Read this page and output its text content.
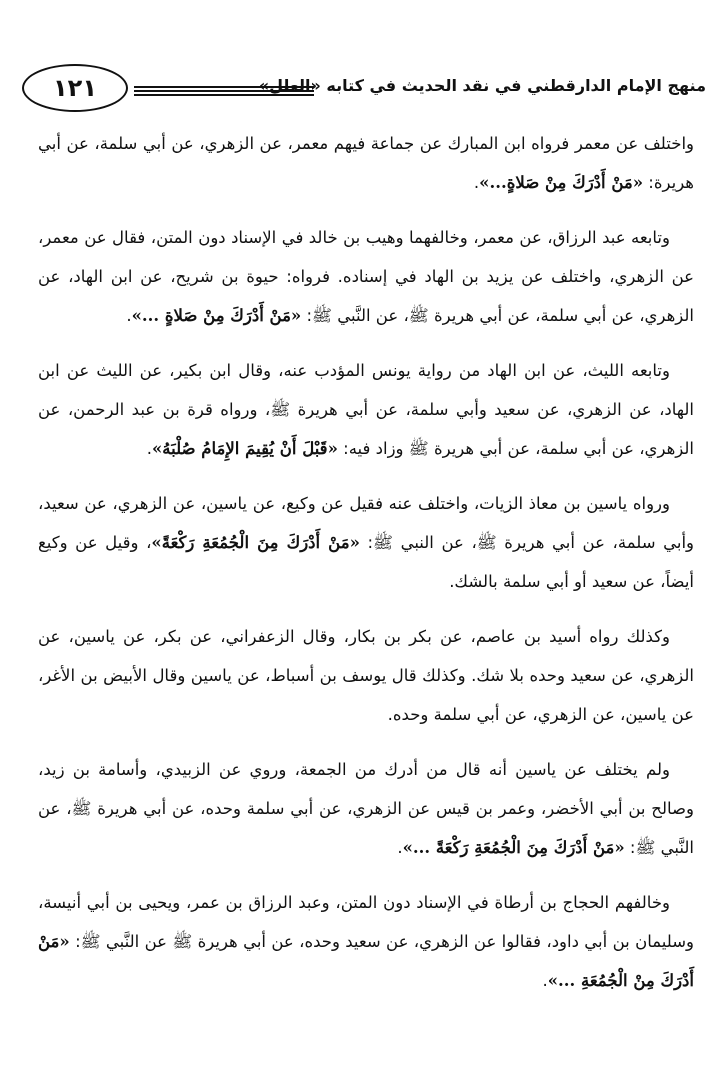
١٢١	منهج الإمام الدارقطني في نقد الحديث في كتابه «العلل»

واختلف عن معمر فرواه ابن المبارك عن جماعة فيهم معمر، عن الزهري، عن أبي سلمة، عن أبي هريرة: «مَنْ أَدْرَكَ مِنْ صَلاةٍ...».

وتابعه عبد الرزاق، عن معمر، وخالفهما وهيب بن خالد في الإسناد دون المتن، فقال عن معمر، عن الزهري، واختلف عن يزيد بن الهاد في إسناده. فرواه: حيوة بن شريح، عن ابن الهاد، عن الزهري، عن أبي سلمة، عن أبي هريرة ﷺ، عن النَّبي ﷺ: «مَنْ أَدْرَكَ مِنْ صَلاةٍ ...».

وتابعه الليث، عن ابن الهاد من رواية يونس المؤدب عنه، وقال ابن بكير، عن الليث عن ابن الهاد، عن الزهري، عن سعيد وأبي سلمة، عن أبي هريرة ﷺ، ورواه قرة بن عبد الرحمن، عن الزهري، عن أبي سلمة، عن أبي هريرة ﷺ وزاد فيه: «قَبْلَ أَنْ يُقِيمَ الإِمَامُ صُلْبَهُ».

ورواه ياسين بن معاذ الزيات، واختلف عنه فقيل عن وكيع، عن ياسين، عن الزهري، عن سعيد، وأبي سلمة، عن أبي هريرة ﷺ، عن النبي ﷺ: «مَنْ أَدْرَكَ مِنَ الْجُمُعَةِ رَكْعَةً»، وقيل عن وكيع أيضاً، عن سعيد أو أبي سلمة بالشك.

وكذلك رواه أسيد بن عاصم، عن بكر بن بكار، وقال الزعفراني، عن بكر، عن ياسين، عن الزهري، عن سعيد وحده بلا شك. وكذلك قال يوسف بن أسباط، عن ياسين وقال الأبيض بن الأغر، عن ياسين، عن الزهري، عن أبي سلمة وحده.

ولم يختلف عن ياسين أنه قال من أدرك من الجمعة، وروي عن الزبيدي، وأسامة بن زيد، وصالح بن أبي الأخضر، وعمر بن قيس عن الزهري، عن أبي سلمة وحده، عن أبي هريرة ﷺ، عن النَّبي ﷺ: «مَنْ أَدْرَكَ مِنَ الْجُمُعَةِ رَكْعَةً ...».

وخالفهم الحجاج بن أرطاة في الإسناد دون المتن، وعبد الرزاق بن عمر، ويحيى بن أبي أنيسة، وسليمان بن أبي داود، فقالوا عن الزهري، عن سعيد وحده، عن أبي هريرة ﷺ عن النَّبي ﷺ: «مَنْ أَدْرَكَ مِنْ الْجُمُعَةِ ...».
